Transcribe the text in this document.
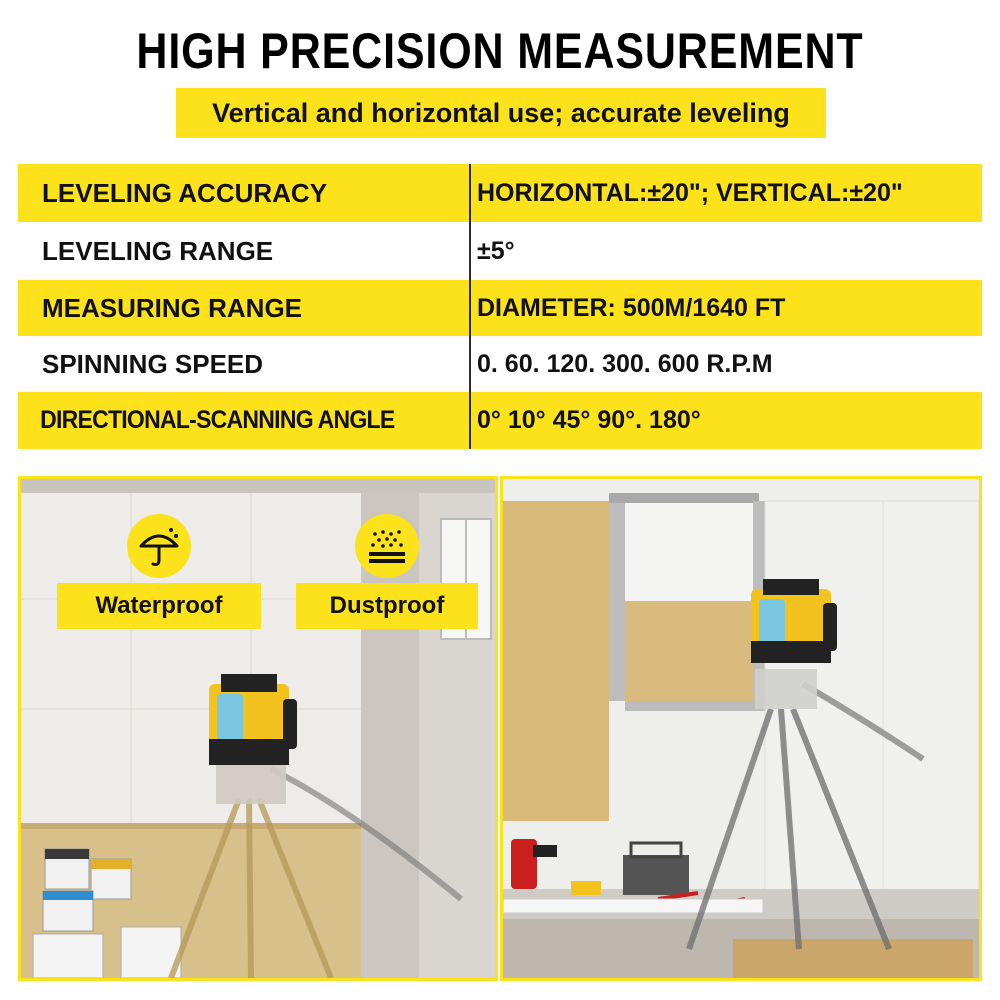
HIGH PRECISION MEASUREMENT
Vertical and horizontal use; accurate leveling
LEVELING ACCURACY	HORIZONTAL:±20"; VERTICAL:±20"
LEVELING RANGE	±5°
MEASURING RANGE	DIAMETER: 500M/1640 FT
SPINNING SPEED	0. 60. 120. 300. 600 R.P.M
DIRECTIONAL-SCANNING ANGLE	0° 10° 45° 90°. 180°
Waterproof	Dustproof
